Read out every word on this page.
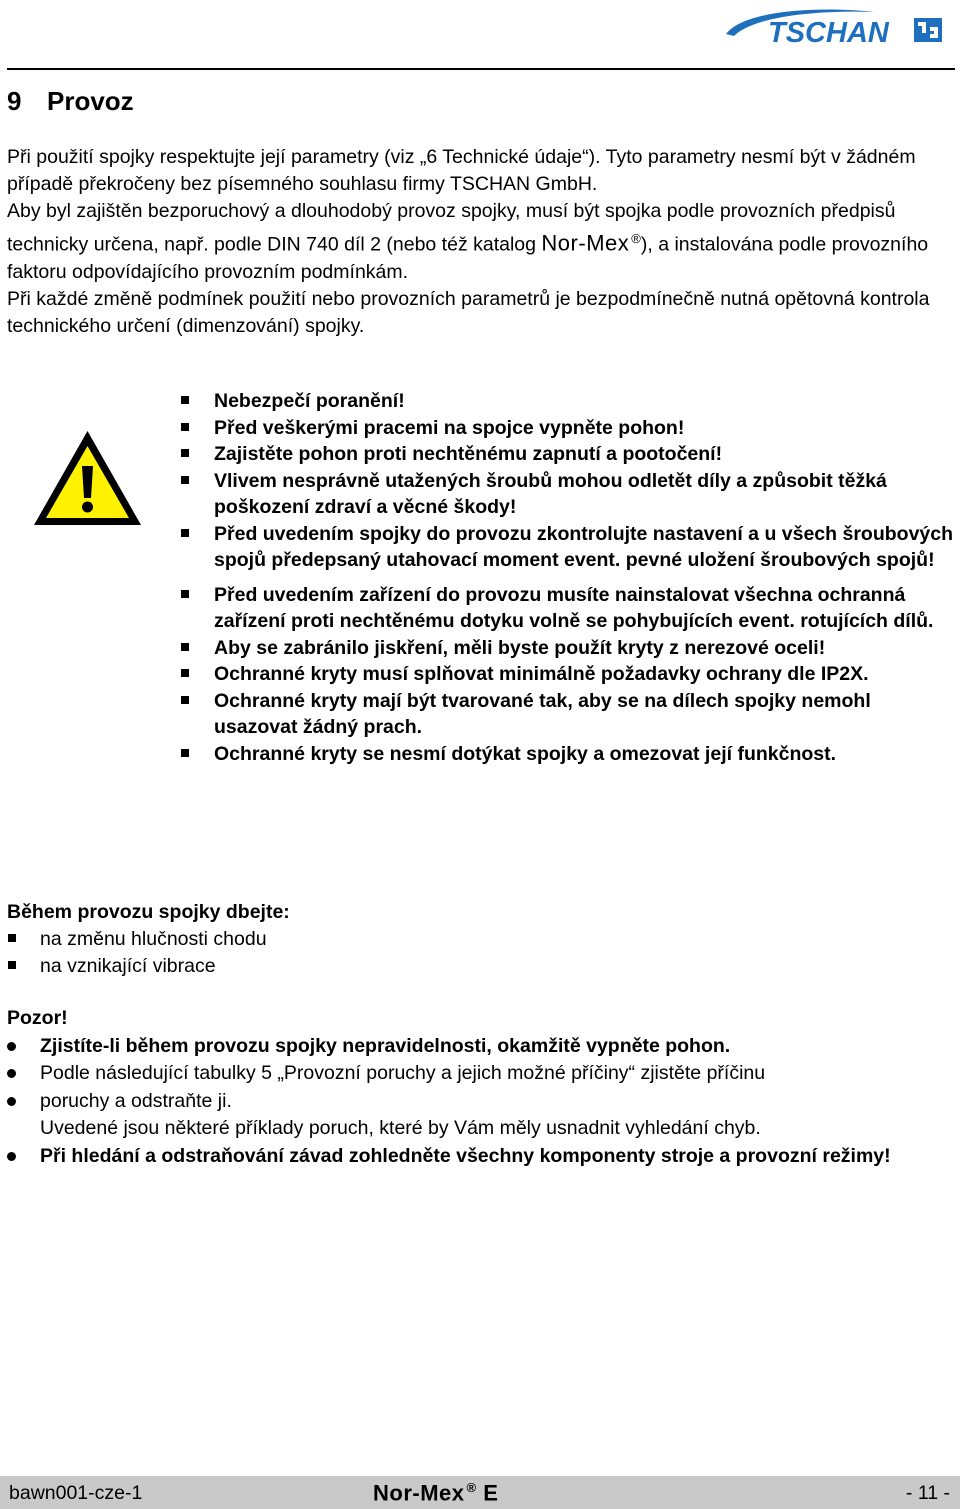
TSCHAN
9 Provoz
Při použití spojky respektujte její parametry (viz „6 Technické údaje“). Tyto parametry nesmí být v žádném případě překročeny bez písemného souhlasu firmy TSCHAN GmbH.
Aby byl zajištěn bezporuchový a dlouhodobý provoz spojky, musí být spojka podle provozních předpisů technicky určena, např. podle DIN 740 díl 2 (nebo též katalog Nor-Mex ®), a instalována podle provozního faktoru odpovídajícího provozním podmínkám.
Při každé změně podmínek použití nebo provozních parametrů je bezpodmínečně nutná opětovná kontrola technického určení (dimenzování) spojky.
Nebezpečí poranění!
Před veškerými pracemi na spojce vypněte pohon!
Zajistěte pohon proti nechtěnému zapnutí a pootočení!
Vlivem nesprávně utažených šroubů mohou odletět díly a způsobit těžká poškození zdraví a věcné škody!
Před uvedením spojky do provozu zkontrolujte nastavení a u všech šroubových spojů předepsaný utahovací moment event. pevné uložení šroubových spojů!
Před uvedením zařízení do provozu musíte nainstalovat všechna ochranná zařízení proti nechtěnému dotyku volně se pohybujících event. rotujících dílů.
Aby se zabránilo jiskření, měli byste použít kryty z nerezové oceli!
Ochranné kryty musí splňovat minimálně požadavky ochrany dle IP2X.
Ochranné kryty mají být tvarované tak, aby se na dílech spojky nemohl usazovat žádný prach.
Ochranné kryty se nesmí dotýkat spojky a omezovat její funkčnost.
Během provozu spojky dbejte:
na změnu hlučnosti chodu
na vznikající vibrace
Pozor!
Zjistíte-li během provozu spojky nepravidelnosti, okamžitě vypněte pohon.
Podle následující tabulky 5 „Provozní poruchy a jejich možné příčiny“ zjistěte příčinu
poruchy a odstraňte ji.
Uvedené jsou některé příklady poruch, které by Vám měly usnadnit vyhledání chyb.
Při hledání a odstraňování závad zohledněte všechny komponenty stroje a provozní režimy!
bawn001-cze-1	Nor-Mex ® E	- 11 -
